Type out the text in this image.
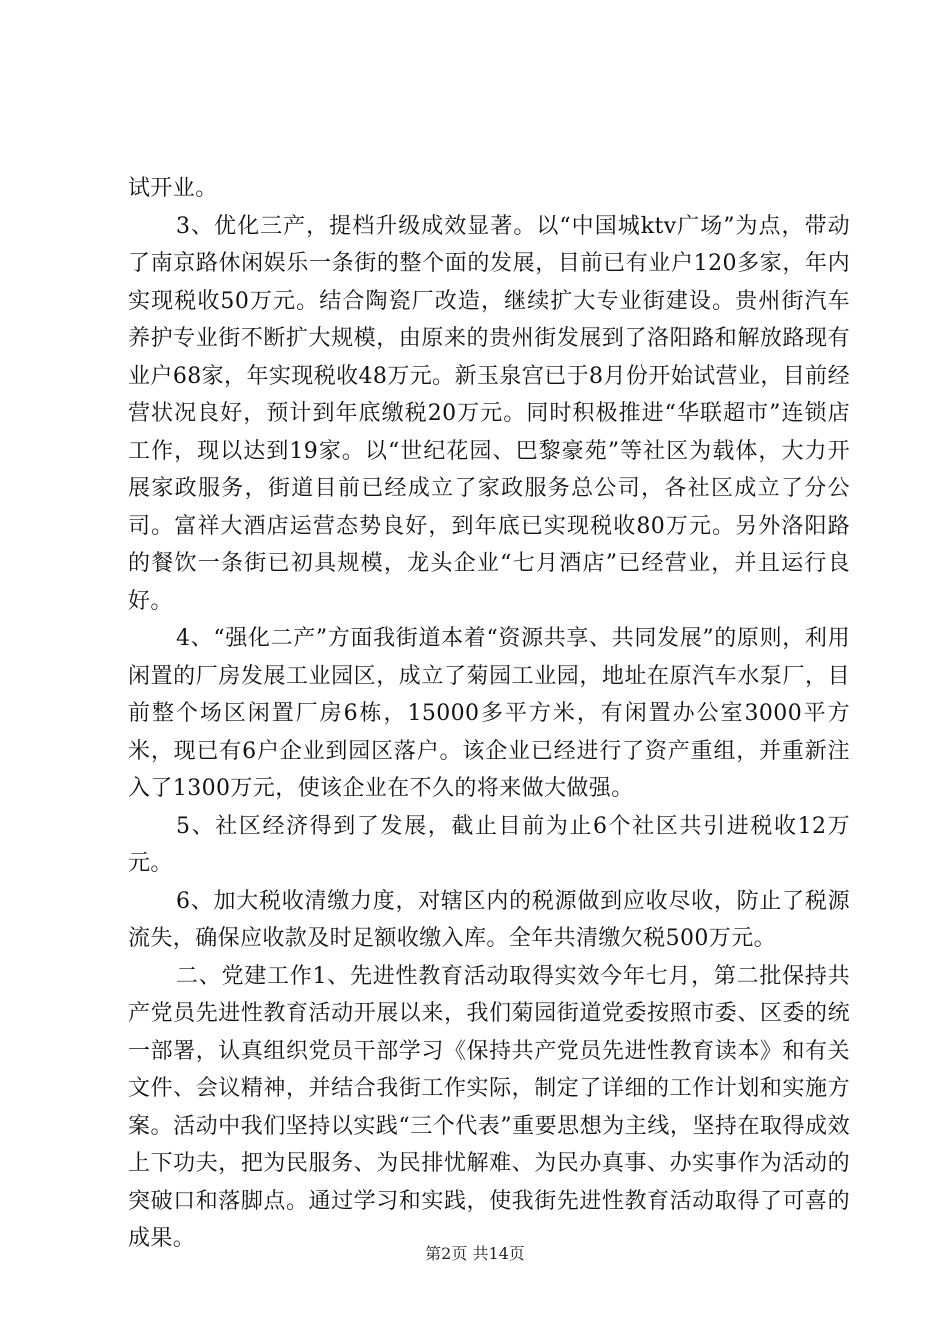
试开业。

3、优化三产，提档升级成效显著。以“中国城ktv广场”为点，带动了南京路休闲娱乐一条街的整个面的发展，目前已有业户120多家，年内实现税收50万元。结合陶瓷厂改造，继续扩大专业街建设。贵州街汽车养护专业街不断扩大规模，由原来的贵州街发展到了洛阳路和解放路现有业户68家，年实现税收48万元。新玉泉宫已于8月份开始试营业，目前经营状况良好，预计到年底缴税20万元。同时积极推进“华联超市”连锁店工作，现以达到19家。以“世纪花园、巴黎豪苑”等社区为载体，大力开展家政服务，街道目前已经成立了家政服务总公司，各社区成立了分公司。富祥大酒店运营态势良好，到年底已实现税收80万元。另外洛阳路的餐饮一条街已初具规模，龙头企业“七月酒店”已经营业，并且运行良好。

4、“强化二产”方面我街道本着“资源共享、共同发展”的原则，利用闲置的厂房发展工业园区，成立了菊园工业园，地址在原汽车水泵厂，目前整个场区闲置厂房6栋，15000多平方米，有闲置办公室3000平方米，现已有6户企业到园区落户。该企业已经进行了资产重组，并重新注入了1300万元，使该企业在不久的将来做大做强。

5、社区经济得到了发展，截止目前为止6个社区共引进税收12万元。

6、加大税收清缴力度，对辖区内的税源做到应收尽收，防止了税源流失，确保应收款及时足额收缴入库。全年共清缴欠税500万元。

二、党建工作1、先进性教育活动取得实效今年七月，第二批保持共产党员先进性教育活动开展以来，我们菊园街道党委按照市委、区委的统一部署，认真组织党员干部学习《保持共产党员先进性教育读本》和有关文件、会议精神，并结合我街工作实际，制定了详细的工作计划和实施方案。活动中我们坚持以实践“三个代表”重要思想为主线，坚持在取得成效上下功夫，把为民服务、为民排忧解难、为民办真事、办实事作为活动的突破口和落脚点。通过学习和实践，使我街先进性教育活动取得了可喜的成果。

第2页 共14页
